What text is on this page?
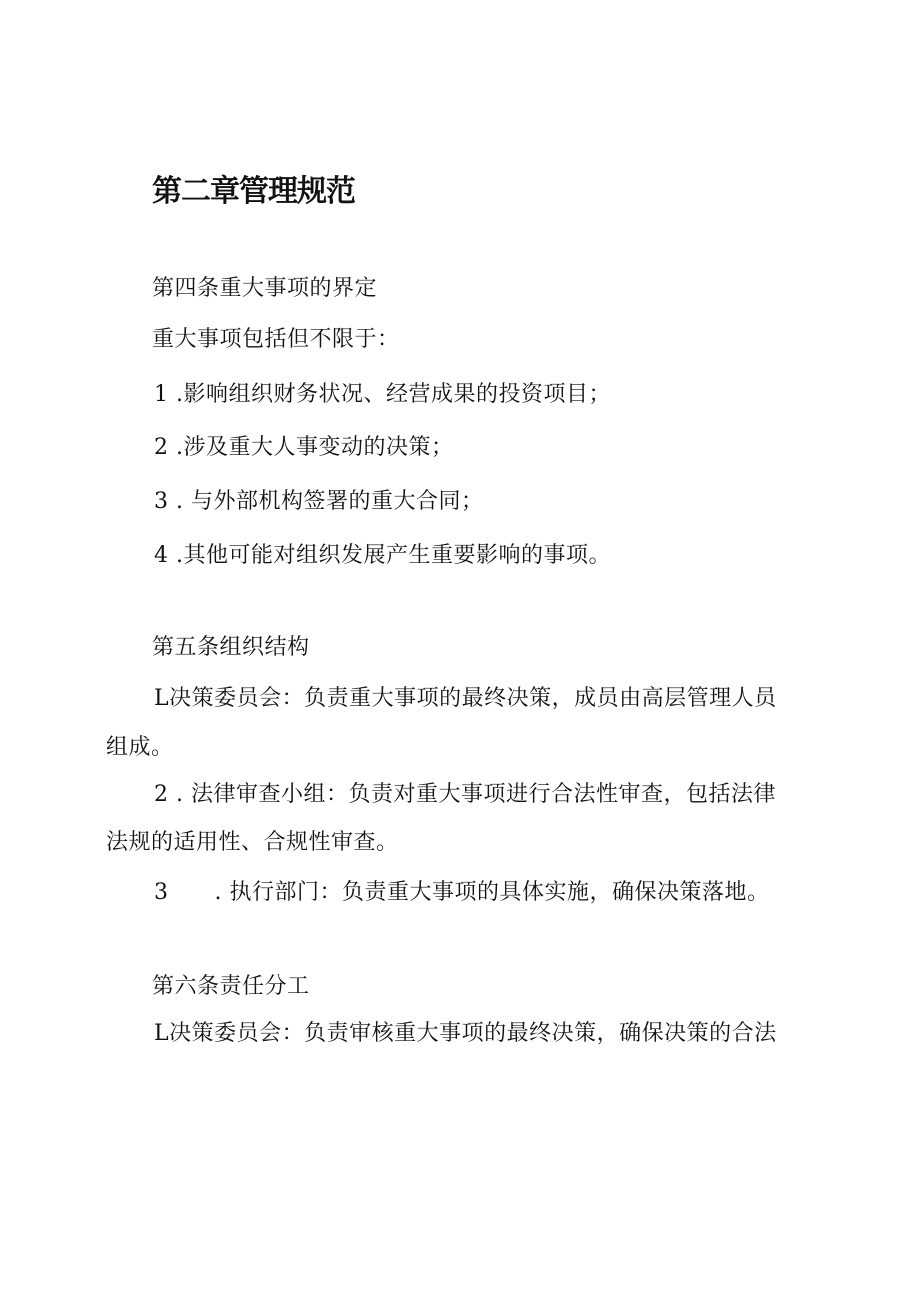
第二章管理规范
第四条重大事项的界定
重大事项包括但不限于：
1 .影响组织财务状况、经营成果的投资项目；
2 .涉及重大人事变动的决策；
3 . 与外部机构签署的重大合同；
4 .其他可能对组织发展产生重要影响的事项。
第五条组织结构
L决策委员会：负责重大事项的最终决策，成员由高层管理人员
组成。
2 . 法律审查小组：负责对重大事项进行合法性审查，包括法律
法规的适用性、合规性审查。
3 . 执行部门：负责重大事项的具体实施，确保决策落地。
第六条责任分工
L决策委员会：负责审核重大事项的最终决策，确保决策的合法
